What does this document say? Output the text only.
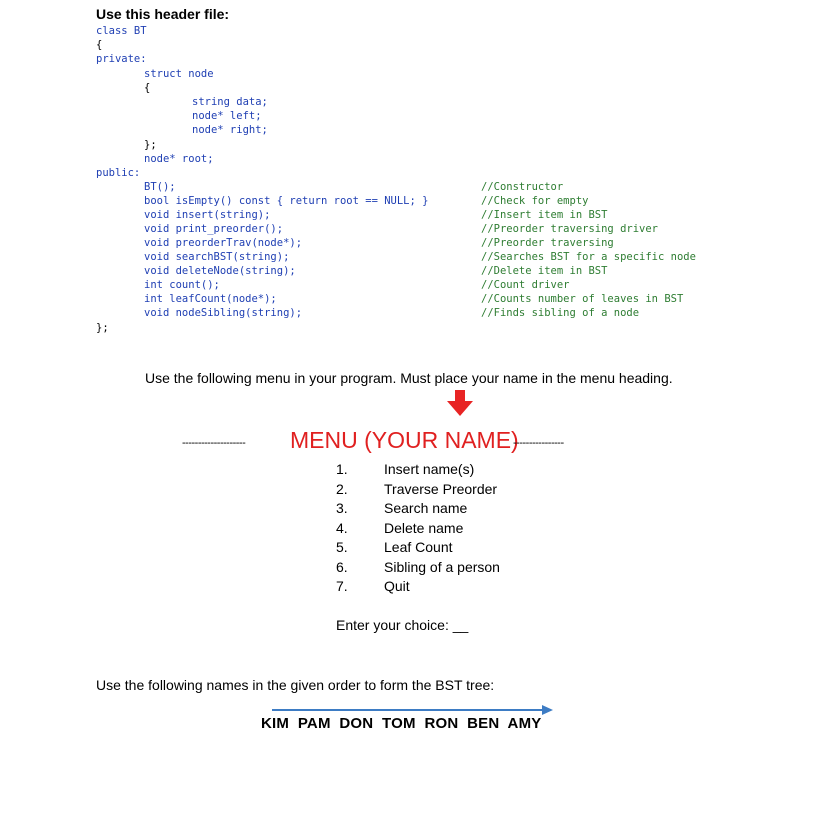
Use this header file:
class BT
{
private:
struct node
{
string data;
node* left;
node* right;
};
node* root;
public:
BT();	//Constructor
bool isEmpty() const { return root == NULL; }	//Check for empty
void insert(string);	//Insert item in BST
void print_preorder();	//Preorder traversing driver
void preorderTrav(node*);	//Preorder traversing
void searchBST(string);	//Searches BST for a specific node
void deleteNode(string);	//Delete item in BST
int count();	//Count driver
int leafCount(node*);	//Counts number of leaves in BST
void nodeSibling(string);	//Finds sibling of a node
};
Use the following menu in your program. Must place your name in the menu heading.
-------------------- MENU (YOUR NAME)
----------------
1.	Insert name(s)
2.	Traverse Preorder
3.	Search name
4.	Delete name
5.	Leaf Count
6.	Sibling of a person
7.	Quit
Enter your choice: __
Use the following names in the given order to form the BST tree:
KIM  PAM  DON  TOM  RON  BEN  AMY
